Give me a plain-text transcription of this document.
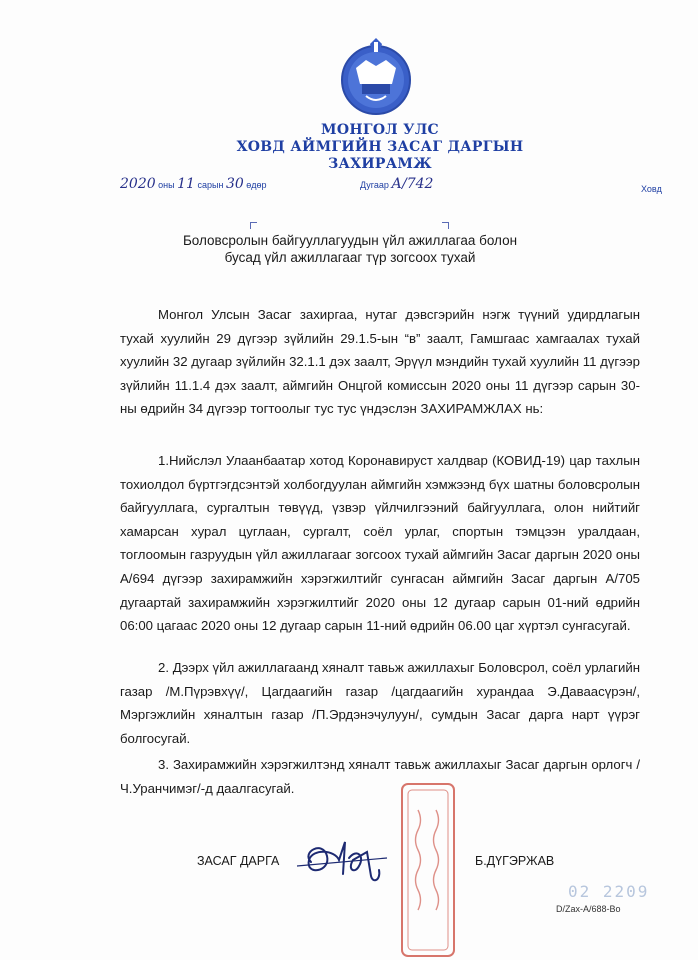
МОНГОЛ УЛС
ХОВД АЙМГИЙН ЗАСАГ ДАРГЫН
ЗАХИРАМЖ
2020 оны 11 сарын 30 өдөр	Дугаар А/742	Ховд
Боловсролын байгууллагуудын үйл ажиллагаа болон
бусад үйл ажиллагааг түр зогсоох тухай
Монгол Улсын Засаг захиргаа, нутаг дэвсгэрийн нэгж түүний удирдлагын тухай хуулийн 29 дүгээр зүйлийн 29.1.5-ын “в” заалт, Гамшгаас хамгаалах тухай хуулийн 32 дугаар зүйлийн 32.1.1 дэх заалт, Эрүүл мэндийн тухай хуулийн 11 дүгээр зүйлийн 11.1.4 дэх заалт, аймгийн Онцгой комиссын 2020 оны 11 дүгээр сарын 30-ны өдрийн 34 дүгээр тогтоолыг тус тус үндэслэн ЗАХИРАМЖЛАХ нь:
1.Нийслэл Улаанбаатар хотод Коронавируст халдвар (КОВИД-19) цар тахлын тохиолдол бүртгэгдсэнтэй холбогдуулан аймгийн хэмжээнд бүх шатны боловсролын байгууллага, сургалтын төвүүд, үзвэр үйлчилгээний байгууллага, олон нийтийг хамарсан хурал цуглаан, сургалт, соёл урлаг, спортын тэмцээн уралдаан, тоглоомын газруудын үйл ажиллагааг зогсоох тухай аймгийн Засаг даргын 2020 оны А/694 дүгээр захирамжийн хэрэгжилтийг сунгасан аймгийн Засаг даргын А/705 дугаартай захирамжийн хэрэгжилтийг 2020 оны 12 дугаар сарын 01-ний өдрийн 06:00 цагаас 2020 оны 12 дугаар сарын 11-ний өдрийн 06.00 цаг хүртэл сунгасугай.
2. Дээрх үйл ажиллагаанд хяналт тавьж ажиллахыг Боловсрол, соёл урлагийн газар /М.Пүрэвхүү/, Цагдаагийн газар /цагдаагийн хурандаа Э.Даваасүрэн/, Мэргэжлийн хяналтын газар /П.Эрдэнэчулуун/, сумдын Засаг дарга нарт үүрэг болгосугай.
3. Захирамжийн хэрэгжилтэнд хяналт тавьж ажиллахыг Засаг даргын орлогч /Ч.Уранчимэг/-д даалгасугай.
ЗАСАГ ДАРГА	Б.ДҮГЭРЖАВ
02 2209
D/Zax-A/688-Bo
